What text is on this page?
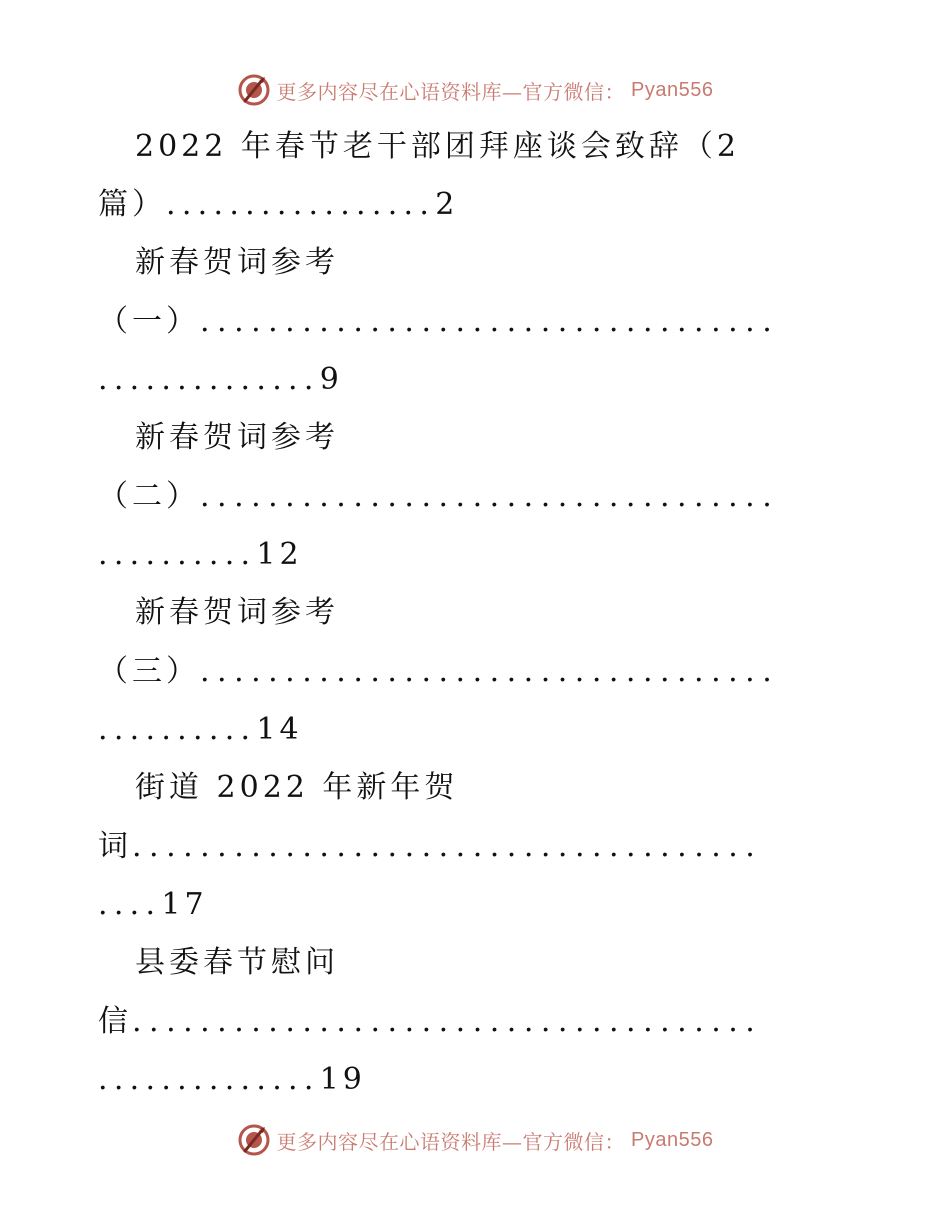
更多内容尽在心语资料库—官方微信： Pyan556
2022 年春节老干部团拜座谈会致辞（2
篇）.................2
新春贺词参考
（一）..................................
..............9
新春贺词参考
（二）..................................
..........12
新春贺词参考
（三）..................................
..........14
街道 2022 年新年贺
词.....................................
....17
县委春节慰问
信.....................................
..............19
更多内容尽在心语资料库—官方微信： Pyan556
